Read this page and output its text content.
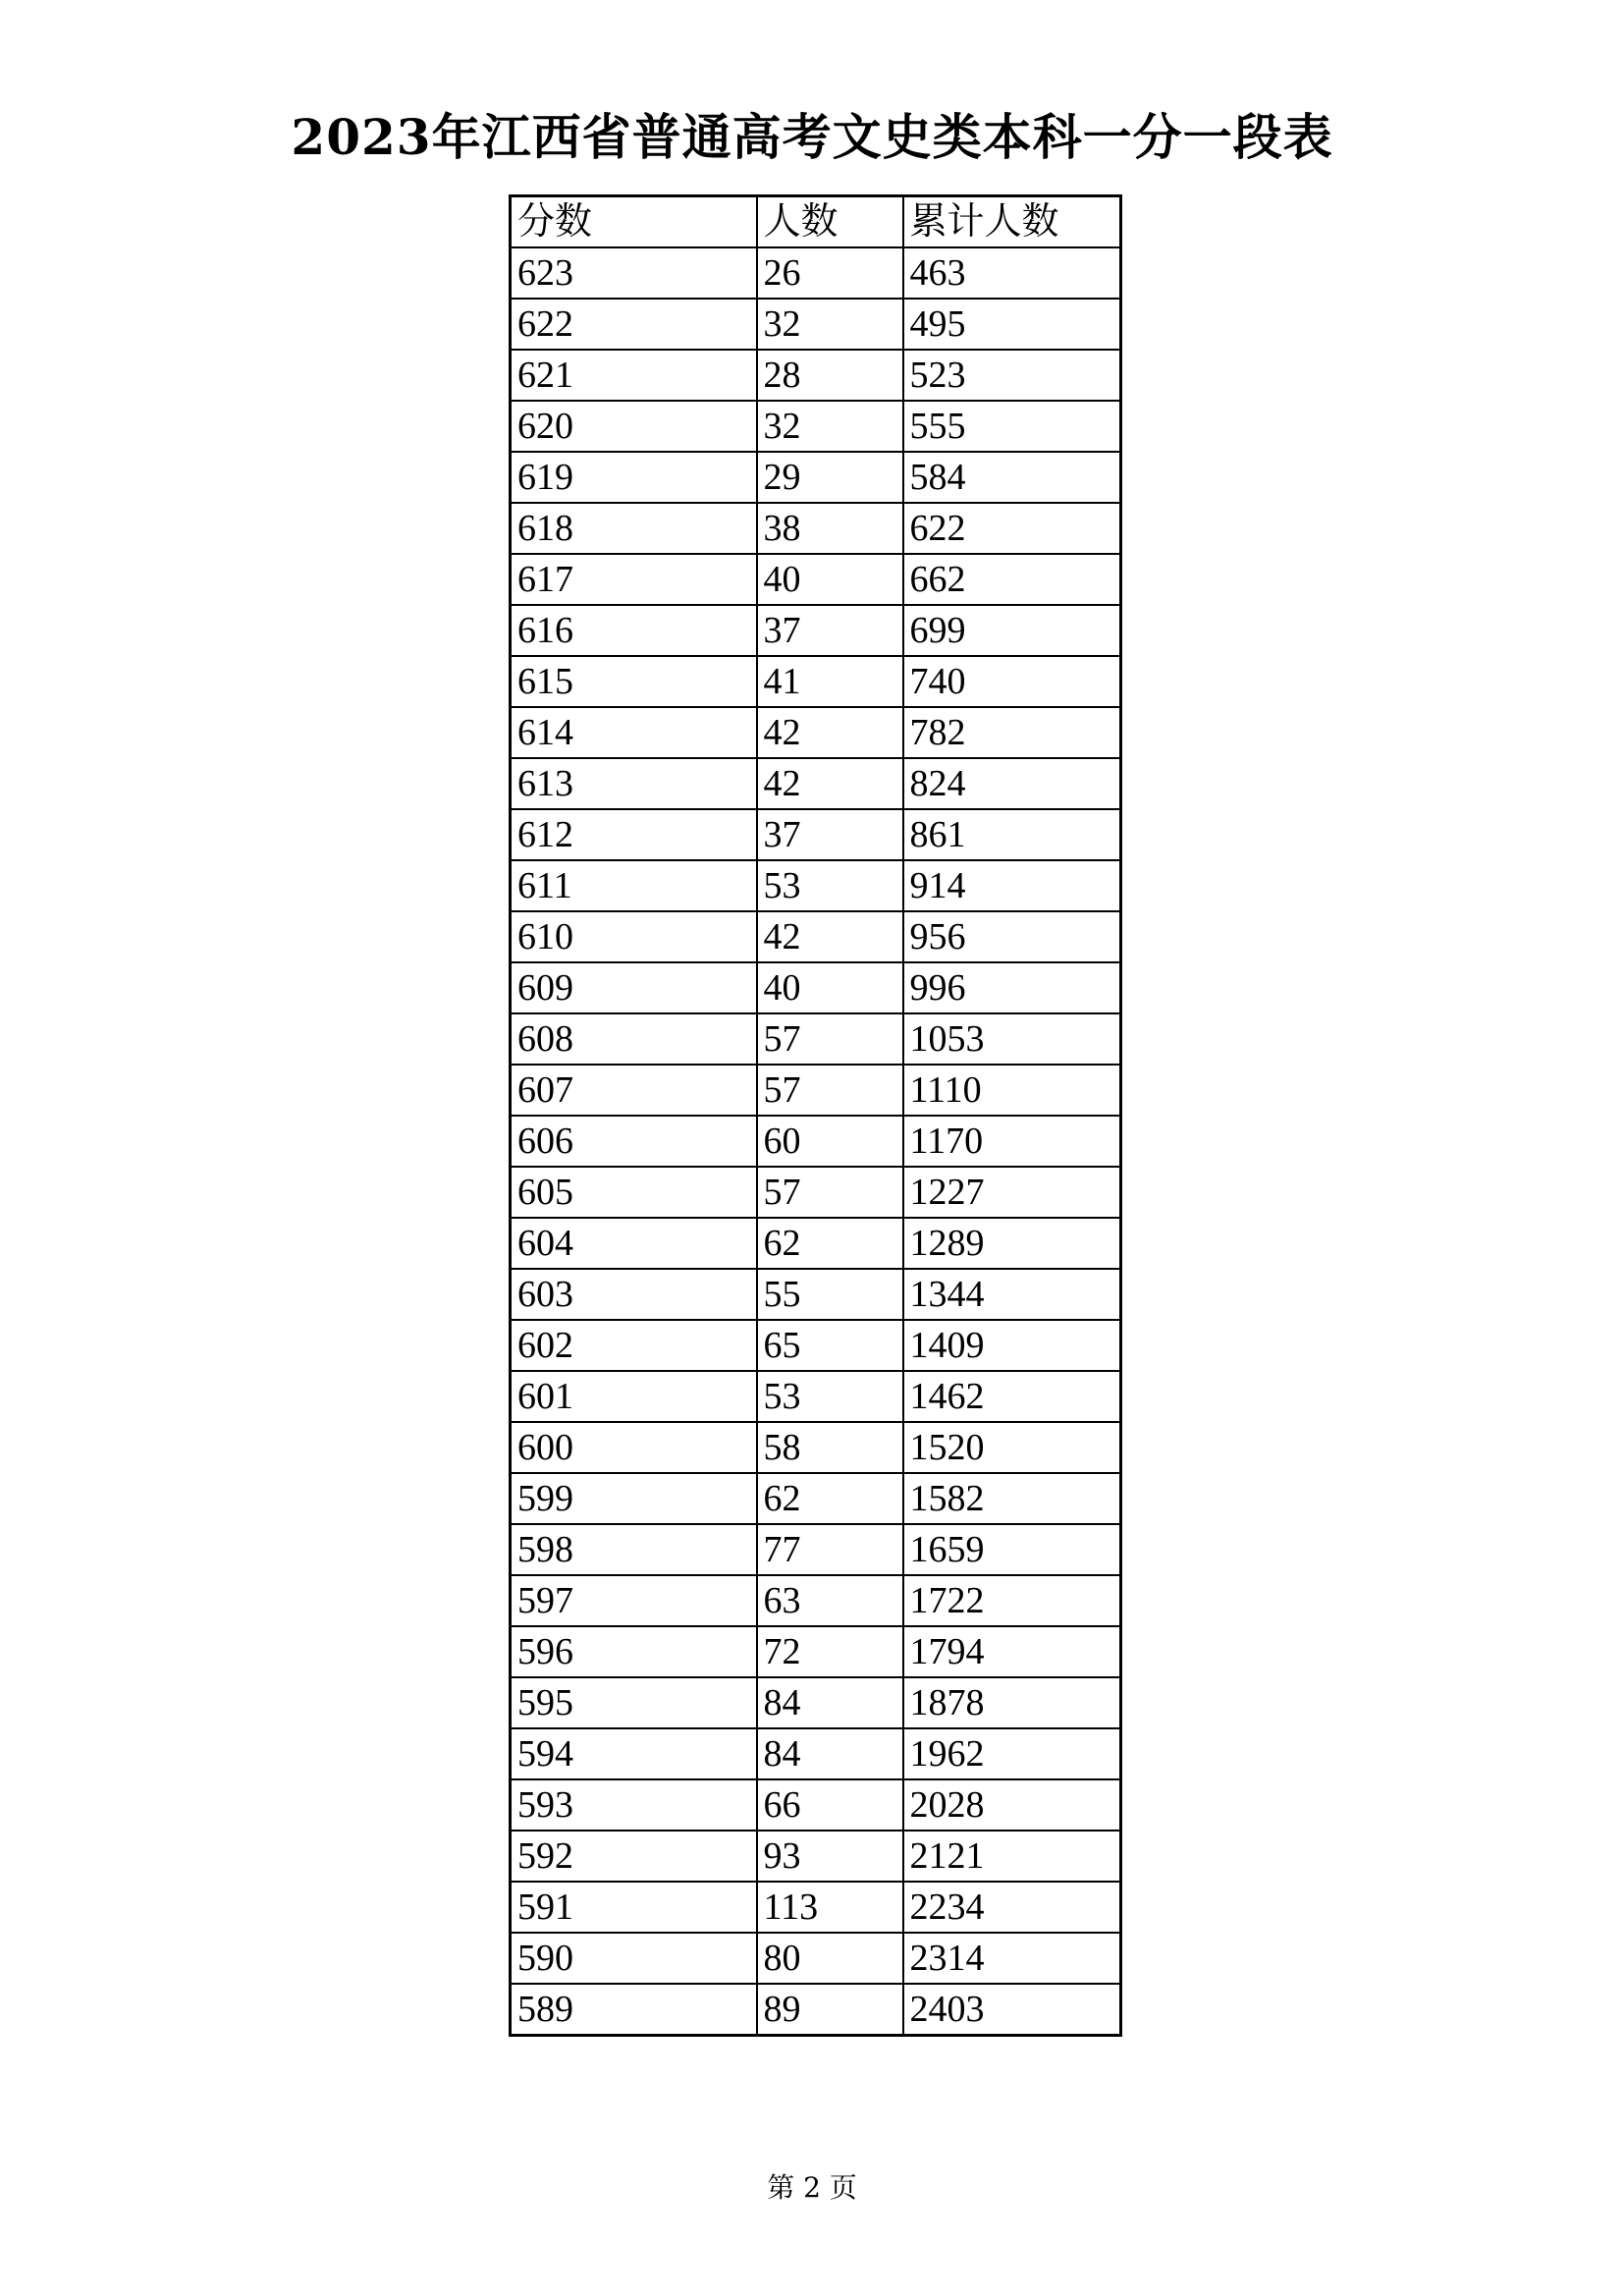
2023年江西省普通高考文史类本科一分一段表
分数	人数	累计人数
623	26	463
622	32	495
621	28	523
620	32	555
619	29	584
618	38	622
617	40	662
616	37	699
615	41	740
614	42	782
613	42	824
612	37	861
611	53	914
610	42	956
609	40	996
608	57	1053
607	57	1110
606	60	1170
605	57	1227
604	62	1289
603	55	1344
602	65	1409
601	53	1462
600	58	1520
599	62	1582
598	77	1659
597	63	1722
596	72	1794
595	84	1878
594	84	1962
593	66	2028
592	93	2121
591	113	2234
590	80	2314
589	89	2403
第 2 页
